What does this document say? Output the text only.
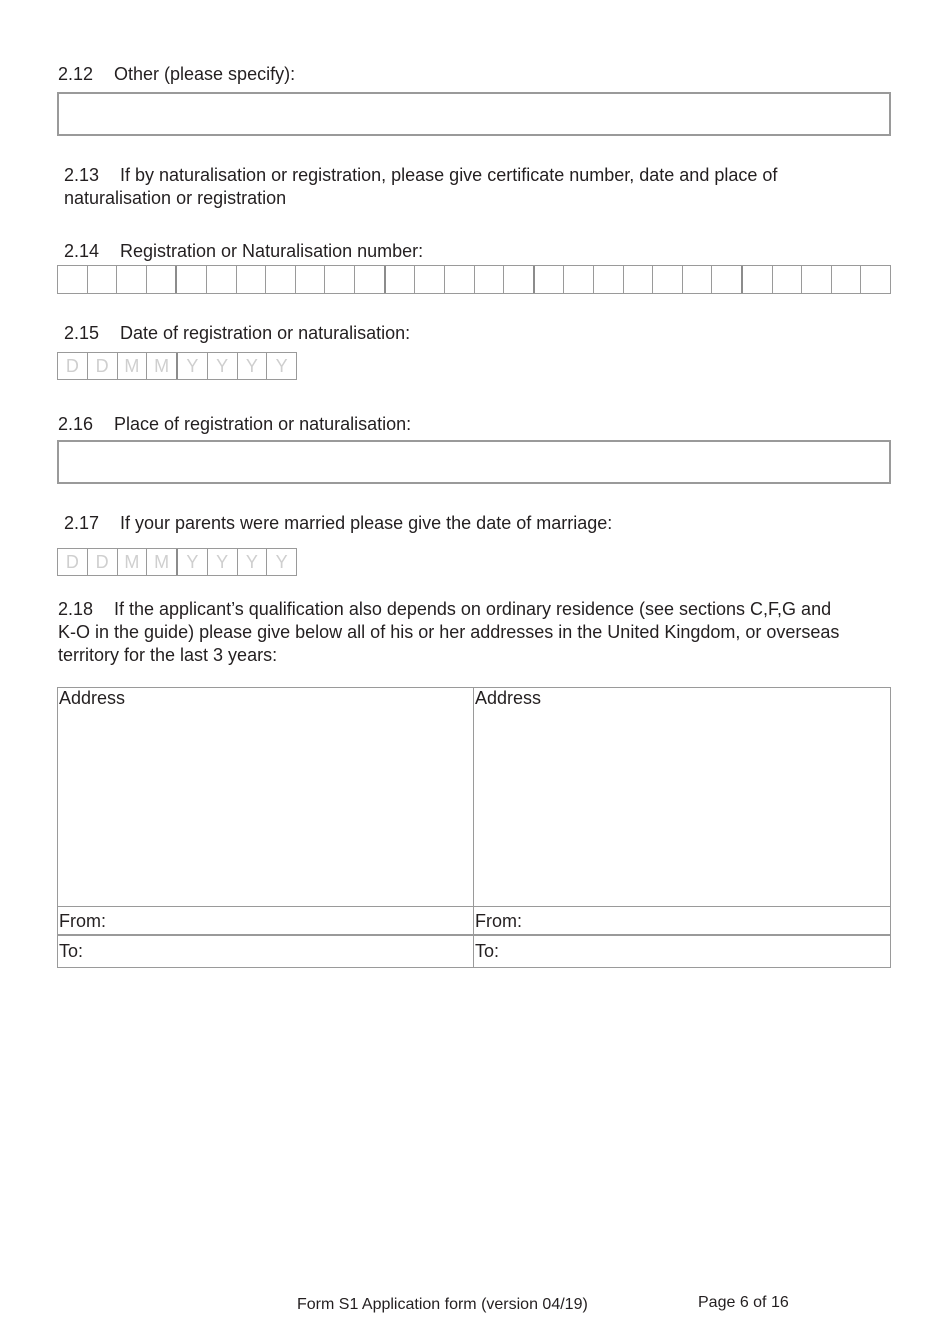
2.12 Other (please specify):
2.13 If by naturalisation or registration, please give certificate number, date and place of
naturalisation or registration
2.14 Registration or Naturalisation number:
2.15 Date of registration or naturalisation:
D D M M Y Y Y Y
2.16 Place of registration or naturalisation:
2.17 If your parents were married please give the date of marriage:
D D M M Y Y Y Y
2.18 If the applicant’s qualification also depends on ordinary residence (see sections C,F,G and
K-O in the guide) please give below all of his or her addresses in the United Kingdom, or overseas
territory for the last 3 years:
Address
From:
To:
Address
From:
To:
Form S1 Application form (version 04/19)	Page 6 of 16
